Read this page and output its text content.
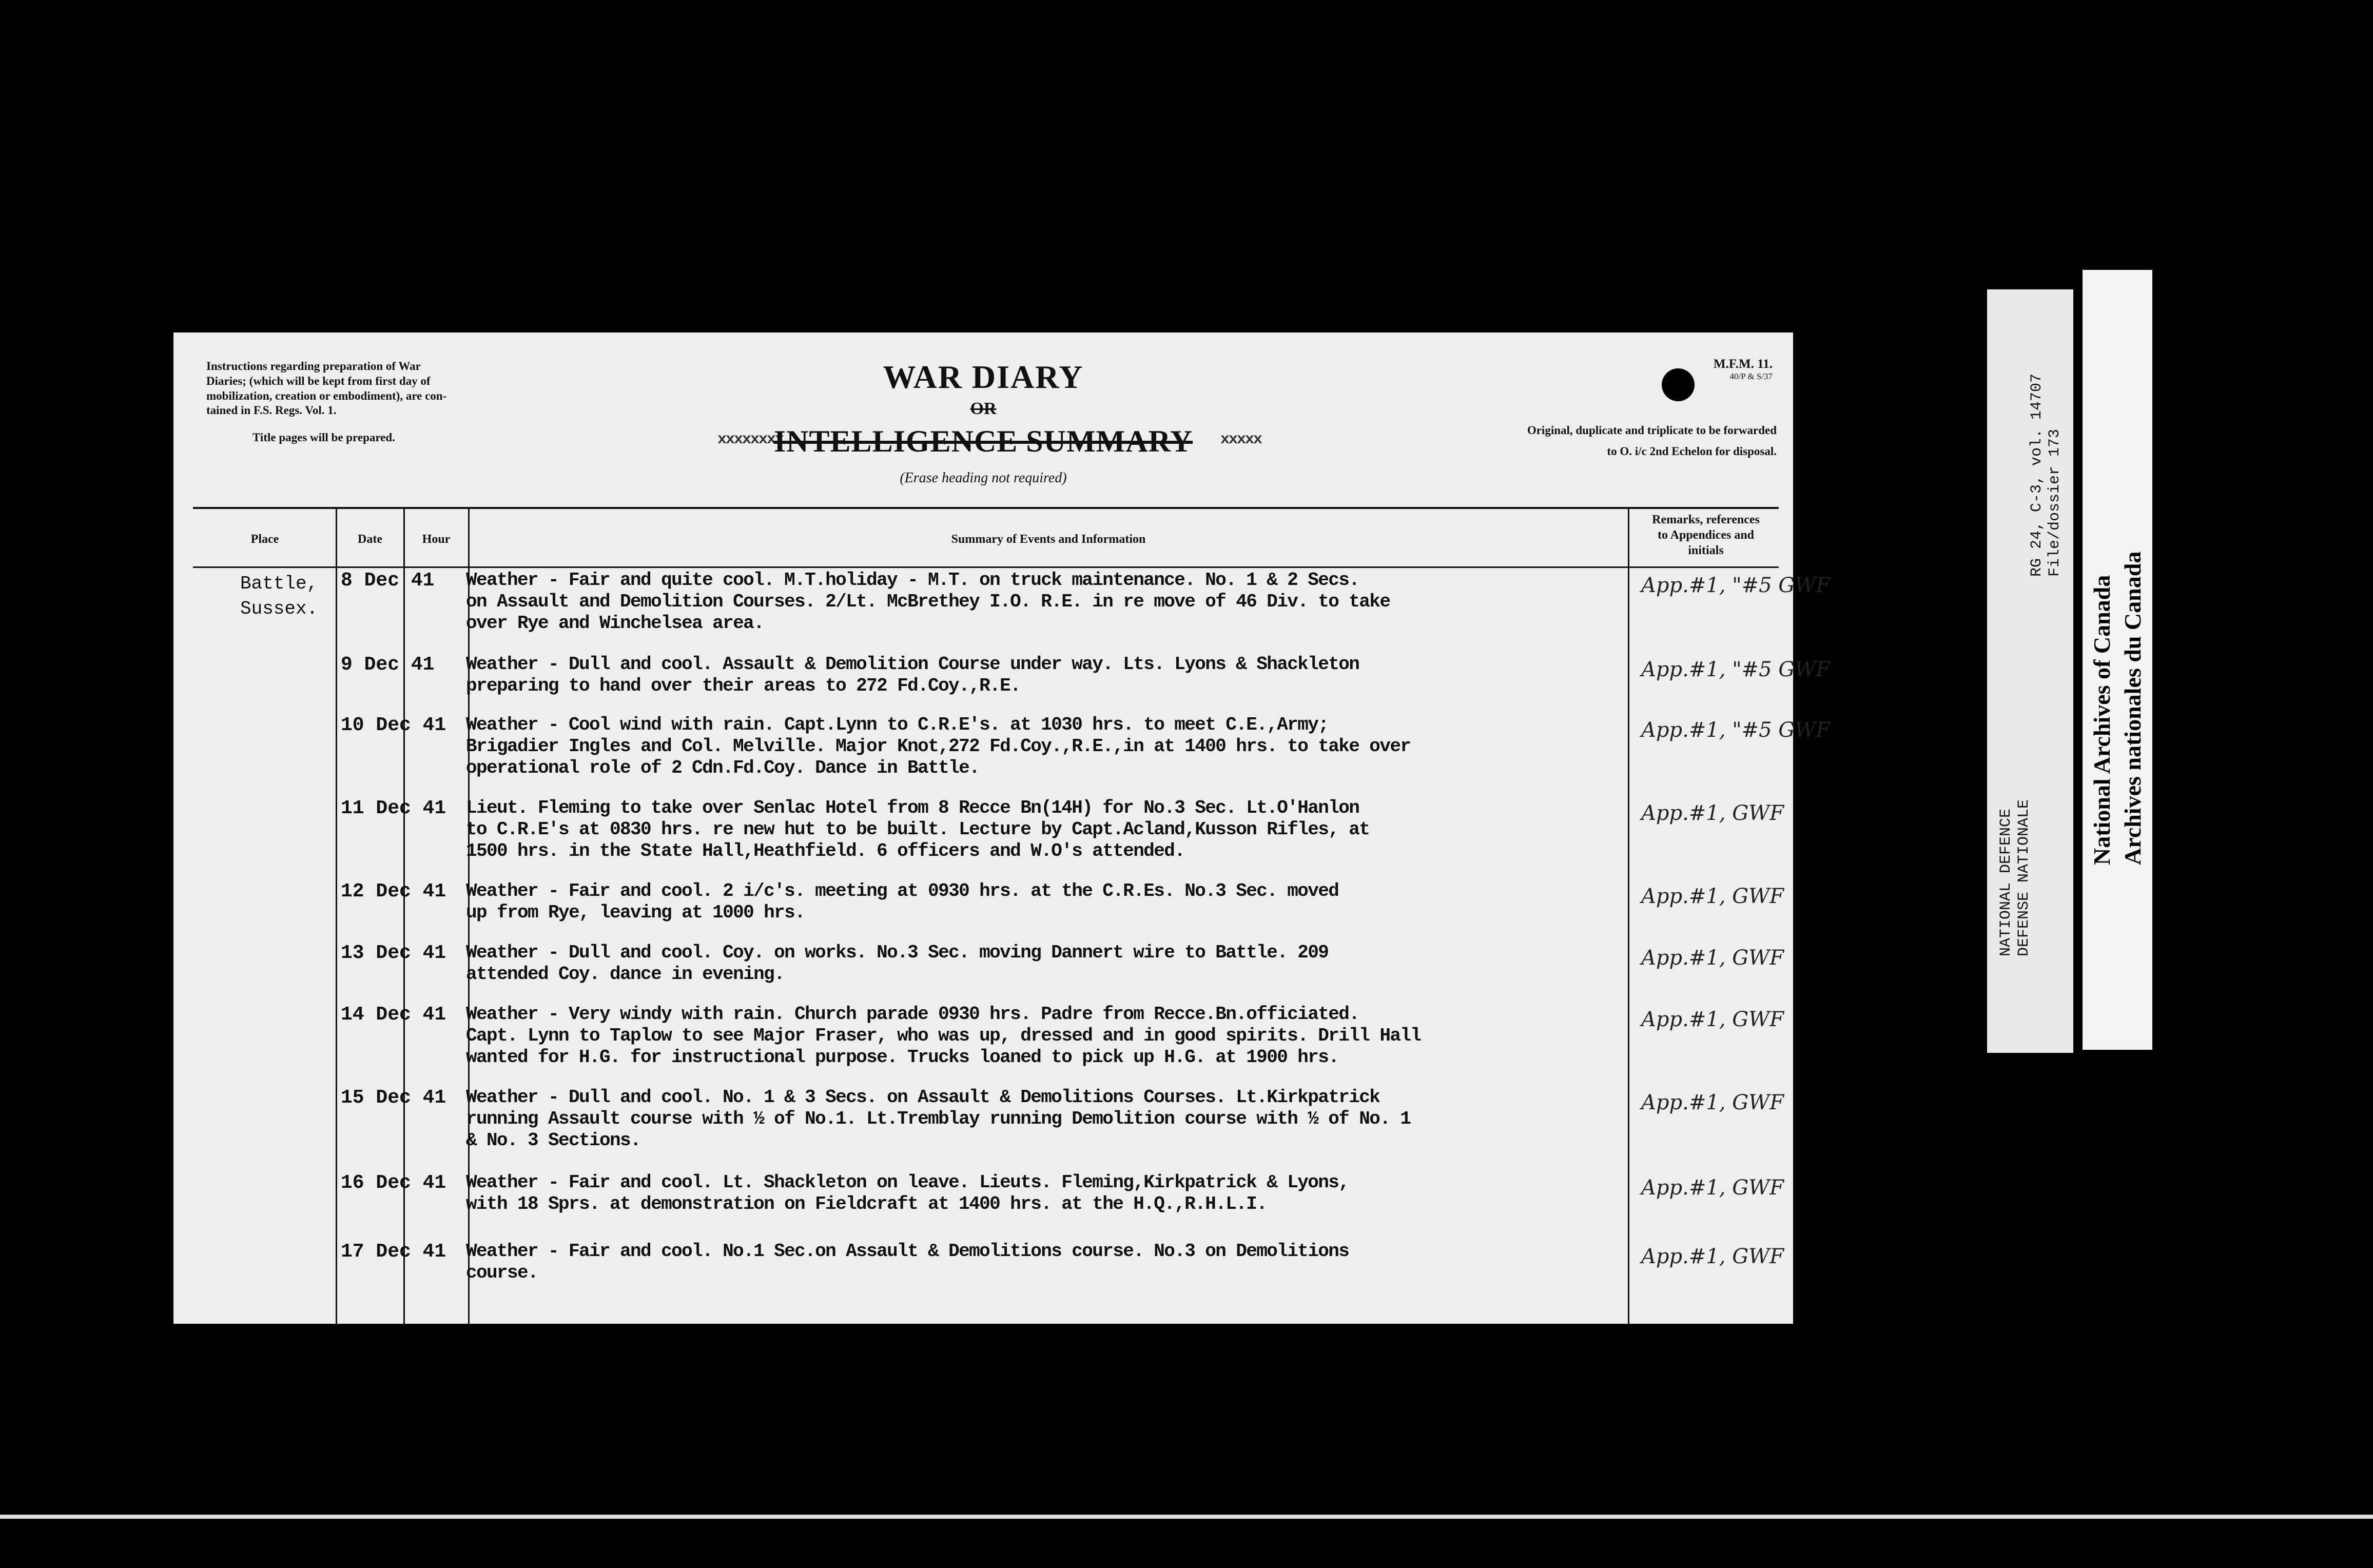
Instructions regarding preparation of War

Diaries; (which will be kept from first day of

mobilization, creation or embodiment), are con-

tained in F.S. Regs. Vol. 1.

Title pages will be prepared.

WAR DIARY
OR
xxxxxxxx	xxxxx
INTELLIGENCE SUMMARY
(Erase heading not required)
M.F.M. 11.
40/P & S/37
Original, duplicate and triplicate to be forwarded
to O. i/c 2nd Echelon for disposal.
Place	Date	Hour	Summary of Events and Information
Remarks, references
to Appendices and
initials
Battle,
Sussex.
8 Dec 41 Weather - Fair and quite cool. M.T.holiday - M.T. on truck maintenance. No. 1 & 2 Secs.
on Assault and Demolition Courses. 2/Lt. McBrethey I.O. R.E. in re move of 46 Div. to take
over Rye and Winchelsea area.
App.#1, "#5 GWF
9 Dec 41 Weather - Dull and cool. Assault & Demolition Course under way. Lts. Lyons & Shackleton
preparing to hand over their areas to 272 Fd.Coy.,R.E.
App.#1, "#5 GWF
10 Dec 41 Weather - Cool wind with rain. Capt.Lynn to C.R.E's. at 1030 hrs. to meet C.E.,Army;
Brigadier Ingles and Col. Melville. Major Knot,272 Fd.Coy.,R.E.,in at 1400 hrs. to take over
operational role of 2 Cdn.Fd.Coy. Dance in Battle.
App.#1, "#5 GWF
11 Dec 41 Lieut. Fleming to take over Senlac Hotel from 8 Recce Bn(14H) for No.3 Sec. Lt.O'Hanlon
to C.R.E's at 0830 hrs. re new hut to be built. Lecture by Capt.Acland,Kusson Rifles, at
1500 hrs. in the State Hall,Heathfield. 6 officers and W.O's attended.
App.#1, GWF
12 Dec 41 Weather - Fair and cool. 2 i/c's. meeting at 0930 hrs. at the C.R.Es. No.3 Sec. moved
up from Rye, leaving at 1000 hrs.
App.#1, GWF
13 Dec 41 Weather - Dull and cool. Coy. on works. No.3 Sec. moving Dannert wire to Battle. 209
attended Coy. dance in evening.
App.#1, GWF
14 Dec 41 Weather - Very windy with rain. Church parade 0930 hrs. Padre from Recce.Bn.officiated.
Capt. Lynn to Taplow to see Major Fraser, who was up, dressed and in good spirits. Drill Hall
wanted for H.G. for instructional purpose. Trucks loaned to pick up H.G. at 1900 hrs.
App.#1, GWF
15 Dec 41 Weather - Dull and cool. No. 1 & 3 Secs. on Assault & Demolitions Courses. Lt.Kirkpatrick
running Assault course with ½ of No.1. Lt.Tremblay running Demolition course with ½ of No. 1
& No. 3 Sections.
App.#1, GWF
16 Dec 41 Weather - Fair and cool. Lt. Shackleton on leave. Lieuts. Fleming,Kirkpatrick & Lyons,
with 18 Sprs. at demonstration on Fieldcraft at 1400 hrs. at the H.Q.,R.H.L.I.
App.#1, GWF
17 Dec 41 Weather - Fair and cool. No.1 Sec.on Assault & Demolitions course. No.3 on Demolitions
course.
App.#1, GWF
NATIONAL DEFENCE DEFENSE NATIONALE
RG 24, C-3, vol. 14707 File/dossier 173
National Archives of Canada Archives nationales du Canada
